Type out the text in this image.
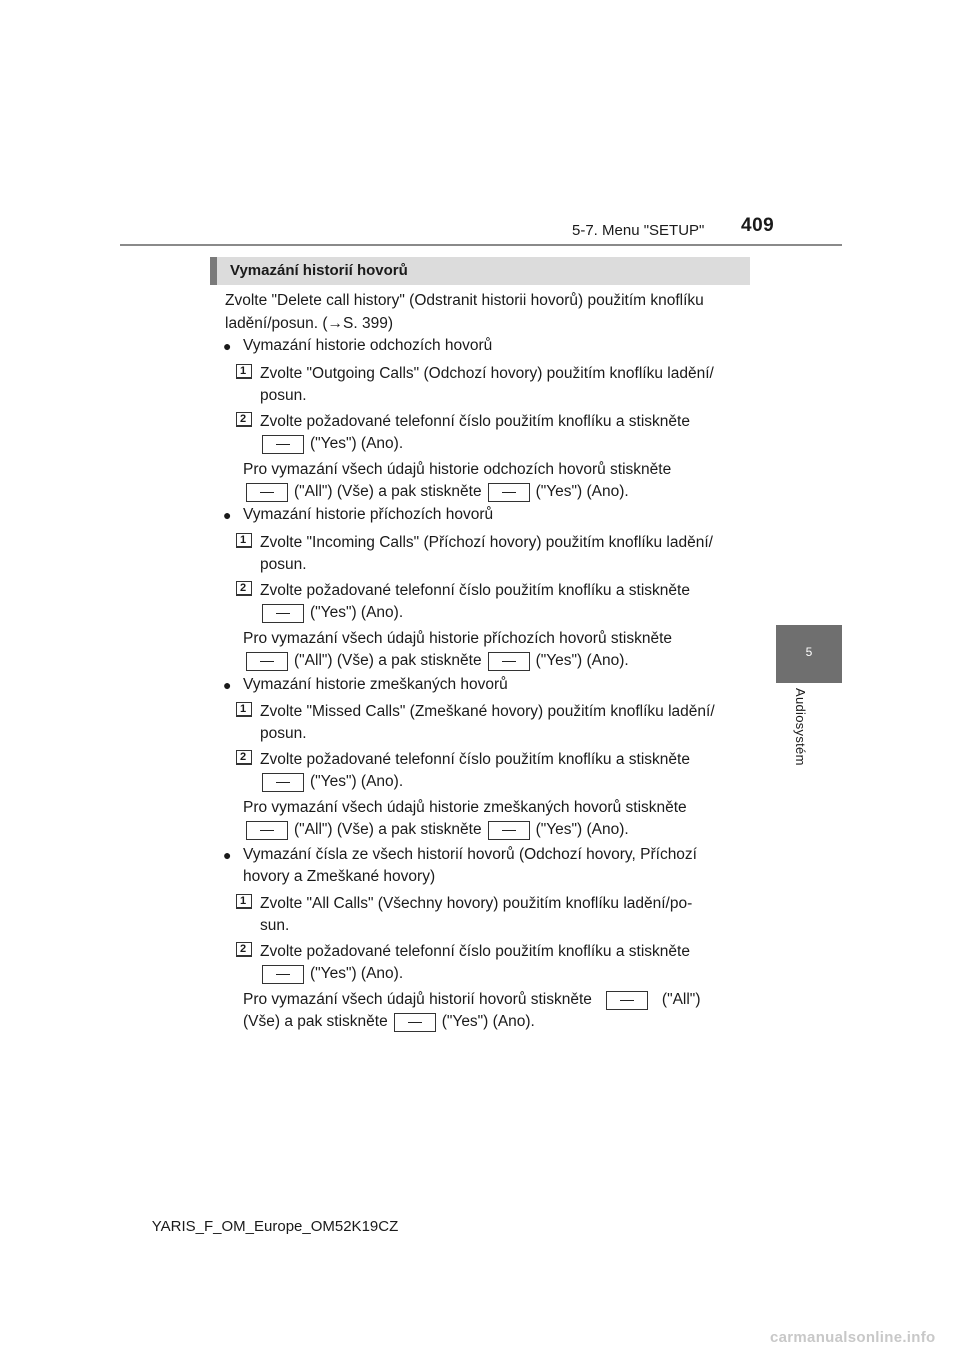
5-7. Menu "SETUP" 409
5
Audiosystém
Vymazání historií hovorů
Zvolte "Delete call history" (Odstranit historii hovorů) použitím knoflíku
ladění/posun. (→S. 399)
● Vymazání historie odchozích hovorů
1 Zvolte "Outgoing Calls" (Odchozí hovory) použitím knoflíku ladění/
posun.
2 Zvolte požadované telefonní číslo použitím knoflíku a stiskněte
("Yes") (Ano).
Pro vymazání všech údajů historie odchozích hovorů stiskněte
("All") (Vše) a pak stiskněte	("Yes") (Ano).
● Vymazání historie příchozích hovorů
1 Zvolte "Incoming Calls" (Příchozí hovory) použitím knoflíku ladění/
posun.
2 Zvolte požadované telefonní číslo použitím knoflíku a stiskněte
("Yes") (Ano).
Pro vymazání všech údajů historie příchozích hovorů stiskněte
("All") (Vše) a pak stiskněte	("Yes") (Ano).
● Vymazání historie zmeškaných hovorů
1 Zvolte "Missed Calls" (Zmeškané hovory) použitím knoflíku ladění/
posun.
2 Zvolte požadované telefonní číslo použitím knoflíku a stiskněte
("Yes") (Ano).
Pro vymazání všech údajů historie zmeškaných hovorů stiskněte
("All") (Vše) a pak stiskněte	("Yes") (Ano).
● Vymazání čísla ze všech historií hovorů (Odchozí hovory, Příchozí
hovory a Zmeškané hovory)
1 Zvolte "All Calls" (Všechny hovory) použitím knoflíku ladění/po-
sun.
2 Zvolte požadované telefonní číslo použitím knoflíku a stiskněte
("Yes") (Ano).
Pro vymazání všech údajů historií hovorů stiskněte	("All")
(Vše) a pak stiskněte	("Yes") (Ano).
YARIS_F_OM_Europe_OM52K19CZ
carmanualsonline.info
